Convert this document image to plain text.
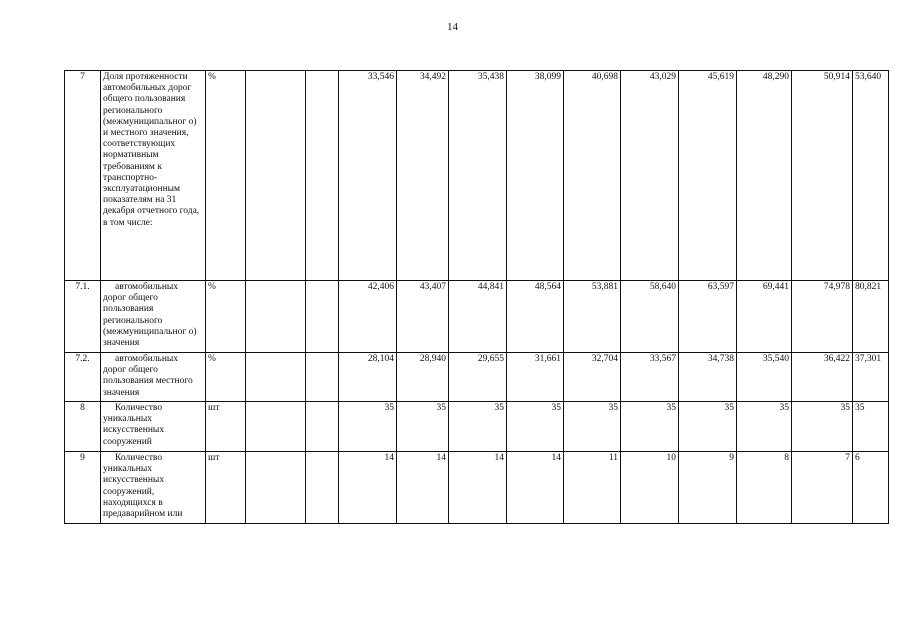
14
7	Доля протяженности автомобильных дорог общего пользования регионального (межмуниципальног о) и местного значения, соответствующих нормативным требованиям к транспортно-эксплуатационным показателям на 31 декабря отчетного года, в том числе:	%			33,546	34,492	35,438	38,099	40,698	43,029	45,619	48,290	50,914	53,640
7.1.	автомобильных дорог общего пользования регионального (межмуниципальног о) значения	%			42,406	43,407	44,841	48,564	53,881	58,640	63,597	69,441	74,978	80,821
7.2.	автомобильных дорог общего пользования местного значения	%			28,104	28,940	29,655	31,661	32,704	33,567	34,738	35,540	36,422	37,301
8	Количество уникальных искусственных сооружений	шт			35	35	35	35	35	35	35	35	35	35
9	Количество уникальных искусственных сооружений, находящихся в предаварийном или	шт			14	14	14	14	11	10	9	8	7	6
